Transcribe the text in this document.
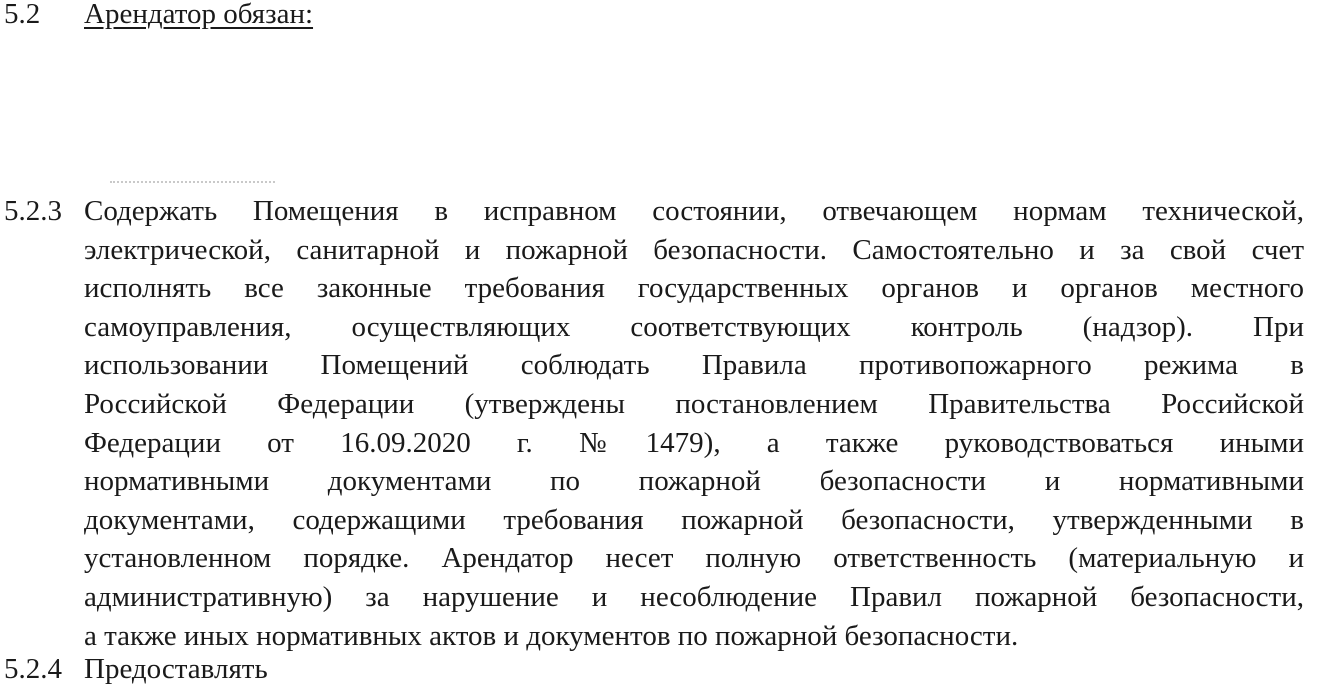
5.2 Арендатор обязан:
5.2.3 Содержать Помещения в исправном состоянии, отвечающем нормам технической,
электрической, санитарной и пожарной безопасности. Самостоятельно и за свой счет
исполнять все законные требования государственных органов и органов местного
самоуправления, осуществляющих соответствующих контроль (надзор). При
использовании Помещений соблюдать Правила противопожарного режима в
Российской Федерации (утверждены постановлением Правительства Российской
Федерации от 16.09.2020 г. №1479), а также руководствоваться иными
нормативными документами по пожарной безопасности и нормативными
документами, содержащими требования пожарной безопасности, утвержденными в
установленном порядке. Арендатор несет полную ответственность (материальную и
административную) за нарушение и несоблюдение Правил пожарной безопасности,
а также иных нормативных актов и документов по пожарной безопасности.
5.2.4 Предоставлять
